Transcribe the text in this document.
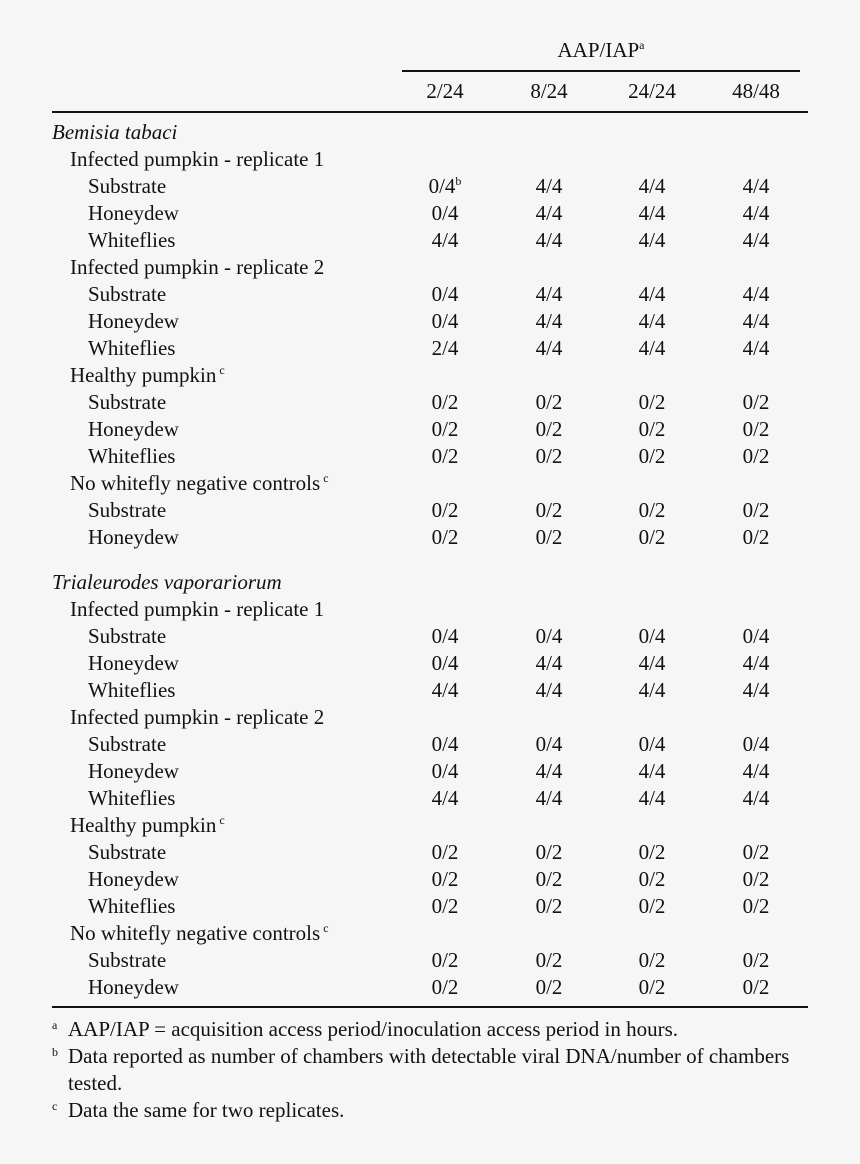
AAP/IAP$^a$
2/24	8/24	24/24	48/48
Bemisia tabaci
Infected pumpkin - replicate 1
Substrate	0/4$^b$	4/4	4/4	4/4
Honeydew	0/4	4/4	4/4	4/4
Whiteflies	4/4	4/4	4/4	4/4
Infected pumpkin - replicate 2
Substrate	0/4	4/4	4/4	4/4
Honeydew	0/4	4/4	4/4	4/4
Whiteflies	2/4	4/4	4/4	4/4
Healthy pumpkin $^c$
Substrate	0/2	0/2	0/2	0/2
Honeydew	0/2	0/2	0/2	0/2
Whiteflies	0/2	0/2	0/2	0/2
No whitefly negative controls $^c$
Substrate	0/2	0/2	0/2	0/2
Honeydew	0/2	0/2	0/2	0/2
Trialeurodes vaporariorum
Infected pumpkin - replicate 1
Substrate	0/4	0/4	0/4	0/4
Honeydew	0/4	4/4	4/4	4/4
Whiteflies	4/4	4/4	4/4	4/4
Infected pumpkin - replicate 2
Substrate	0/4	0/4	0/4	0/4
Honeydew	0/4	4/4	4/4	4/4
Whiteflies	4/4	4/4	4/4	4/4
Healthy pumpkin $^c$
Substrate	0/2	0/2	0/2	0/2
Honeydew	0/2	0/2	0/2	0/2
Whiteflies	0/2	0/2	0/2	0/2
No whitefly negative controls $^c$
Substrate	0/2	0/2	0/2	0/2
Honeydew	0/2	0/2	0/2	0/2
a AAP/IAP = acquisition access period/inoculation access period in hours.
b Data reported as number of chambers with detectable viral DNA/number of chambers tested.
c Data the same for two replicates.
